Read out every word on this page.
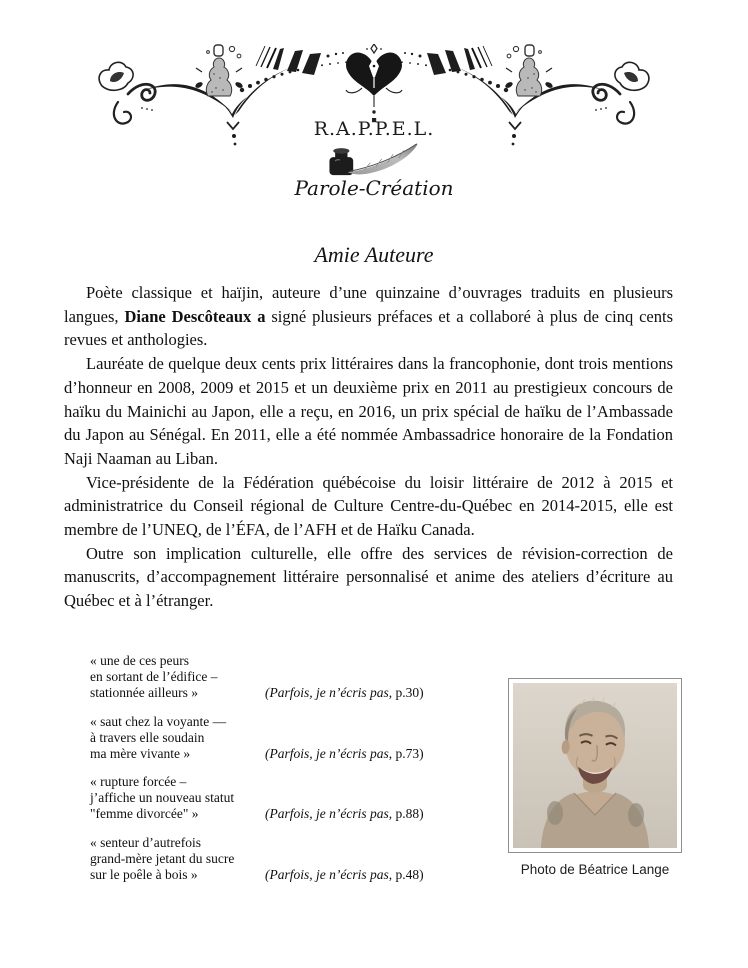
R.A.P.P.E.L.
Parole-Création
Amie Auteure

Poète classique et haïjin, auteure d’une quinzaine d’ouvrages traduits en plusieurs langues, Diane Descôteaux a signé plusieurs préfaces et a collaboré à plus de cinq cents revues et anthologies.

Lauréate de quelque deux cents prix littéraires dans la francophonie, dont trois mentions d’honneur en 2008, 2009 et 2015 et un deuxième prix en 2011 au prestigieux concours de haïku du Mainichi au Japon, elle a reçu, en 2016, un prix spécial de haïku de l’Ambassade du Japon au Sénégal. En 2011, elle a été nommée Ambassadrice honoraire de la Fondation Naji Naaman au Liban.

Vice-présidente de la Fédération québécoise du loisir littéraire de 2012 à 2015 et administratrice du Conseil régional de Culture Centre-du-Québec en 2014-2015, elle est membre de l’UNEQ, de l’ÉFA, de l’AFH et de Haïku Canada.

Outre son implication culturelle, elle offre des services de révision-correction de manuscrits, d’accompagnement littéraire personnalisé et anime des ateliers d’écriture au Québec et à l’étranger.

« une de ces peurs
en sortant de l’édifice –
stationnée ailleurs »	(Parfois, je n’écris pas, p.30)
« saut chez la voyante —
à travers elle soudain
ma mère vivante »	(Parfois, je n’écris pas, p.73)
« rupture forcée –
j’affiche un nouveau statut
"femme divorcée" »	(Parfois, je n’écris pas, p.88)
« senteur d’autrefois
grand-mère jetant du sucre
sur le poêle à bois »	(Parfois, je n’écris pas, p.48)	Photo de Béatrice Lange
